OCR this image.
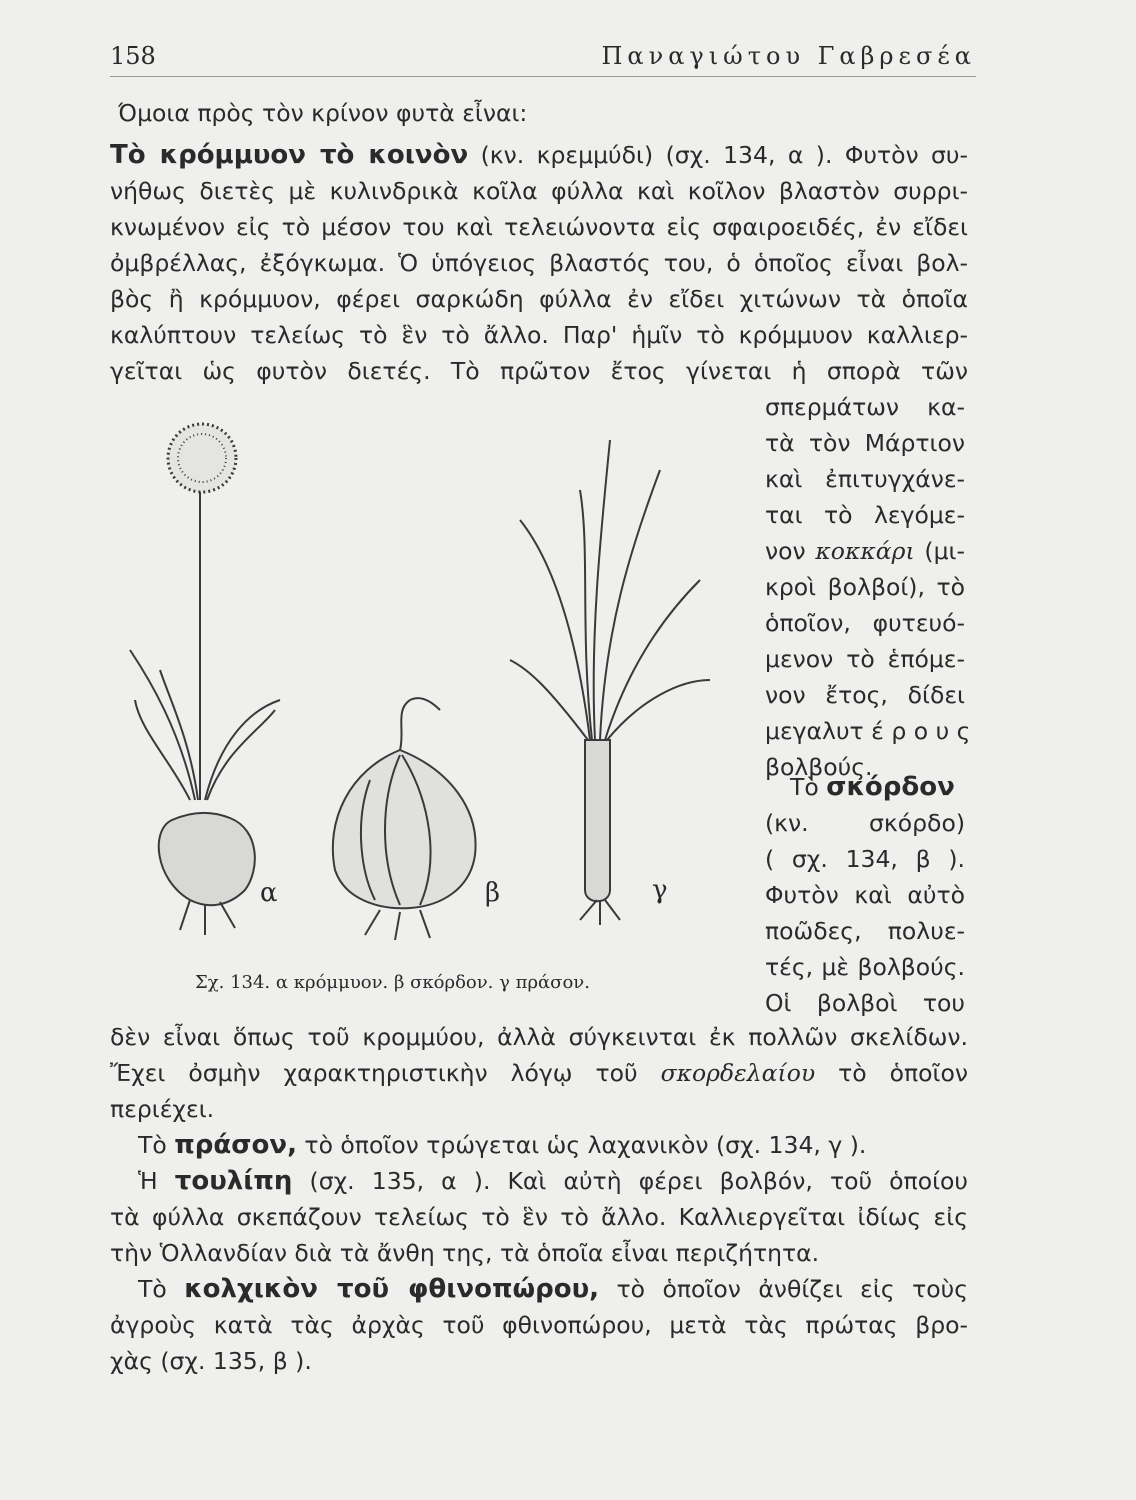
158	Παναγιώτου Γαβρεσέα
Όμοια πρὸς τὸν κρίνον φυτὰ εἶναι:
Τὸ κρόμμυον τὸ κοινὸν (κν. κρεμμύδι) (σχ. 134, α ). Φυτὸν συ-
νήθως διετὲς μὲ κυλινδρικὰ κοῖλα φύλλα καὶ κοῖλον βλαστὸν συρρι-
κνωμένον εἰς τὸ μέσον του καὶ τελειώνοντα εἰς σφαιροειδές, ἐν εἴδει
ὀμβρέλλας, ἐξόγκωμα. Ὁ ὑπόγειος βλαστός του, ὁ ὁποῖος εἶναι βολ-
βὸς ἢ κρόμμυον, φέρει σαρκώδη φύλλα ἐν εἴδει χιτώνων τὰ ὁποῖα
καλύπτουν τελείως τὸ ἓν τὸ ἄλλο. Παρ' ἡμῖν τὸ κρόμμυον καλλιερ-
γεῖται ὡς φυτὸν διετές. Τὸ πρῶτον ἔτος γίνεται ἡ σπορὰ τῶν
σπερμάτων κα-
τὰ τὸν Μάρτιον
καὶ ἐπιτυγχάνε-
ται τὸ λεγόμε-
νον κοκκάρι (μι-
κροὶ βολβοί), τὸ
ὁποῖον, φυτευό-
μενον τὸ ἑπόμε-
νον ἔτος, δίδει
μεγαλυτ έ ρ ο υ ς
βολβούς.
Τὸ σκόρδον
(κν. σκόρδο)
( σχ. 134, β ).
Φυτὸν καὶ αὐτὸ
ποῶδες, πολυε-
τές, μὲ βολβούς.
Οἱ βολβοὶ του
α	β	γ
Σχ. 134. α κρόμμυον. β σκόρδον. γ πράσον.
δὲν εἶναι ὅπως τοῦ κρομμύου, ἀλλὰ σύγκεινται ἐκ πολλῶν σκελίδων.
Ἔχει ὀσμὴν χαρακτηριστικὴν λόγῳ τοῦ σκορδελαίου τὸ ὁποῖον
περιέχει.
Τὸ πράσον, τὸ ὁποῖον τρώγεται ὡς λαχανικὸν (σχ. 134, γ ).
Ἡ τουλίπη (σχ. 135, α ). Καὶ αὐτὴ φέρει βολβόν, τοῦ ὁποίου
τὰ φύλλα σκεπάζουν τελείως τὸ ἓν τὸ ἄλλο. Καλλιεργεῖται ἰδίως εἰς
τὴν Ὁλλανδίαν διὰ τὰ ἄνθη της, τὰ ὁποῖα εἶναι περιζήτητα.
Τὸ κολχικὸν τοῦ φθινοπώρου, τὸ ὁποῖον ἀνθίζει εἰς τοὺς
ἀγροὺς κατὰ τὰς ἀρχὰς τοῦ φθινοπώρου, μετὰ τὰς πρώτας βρο-
χὰς (σχ. 135, β ).
